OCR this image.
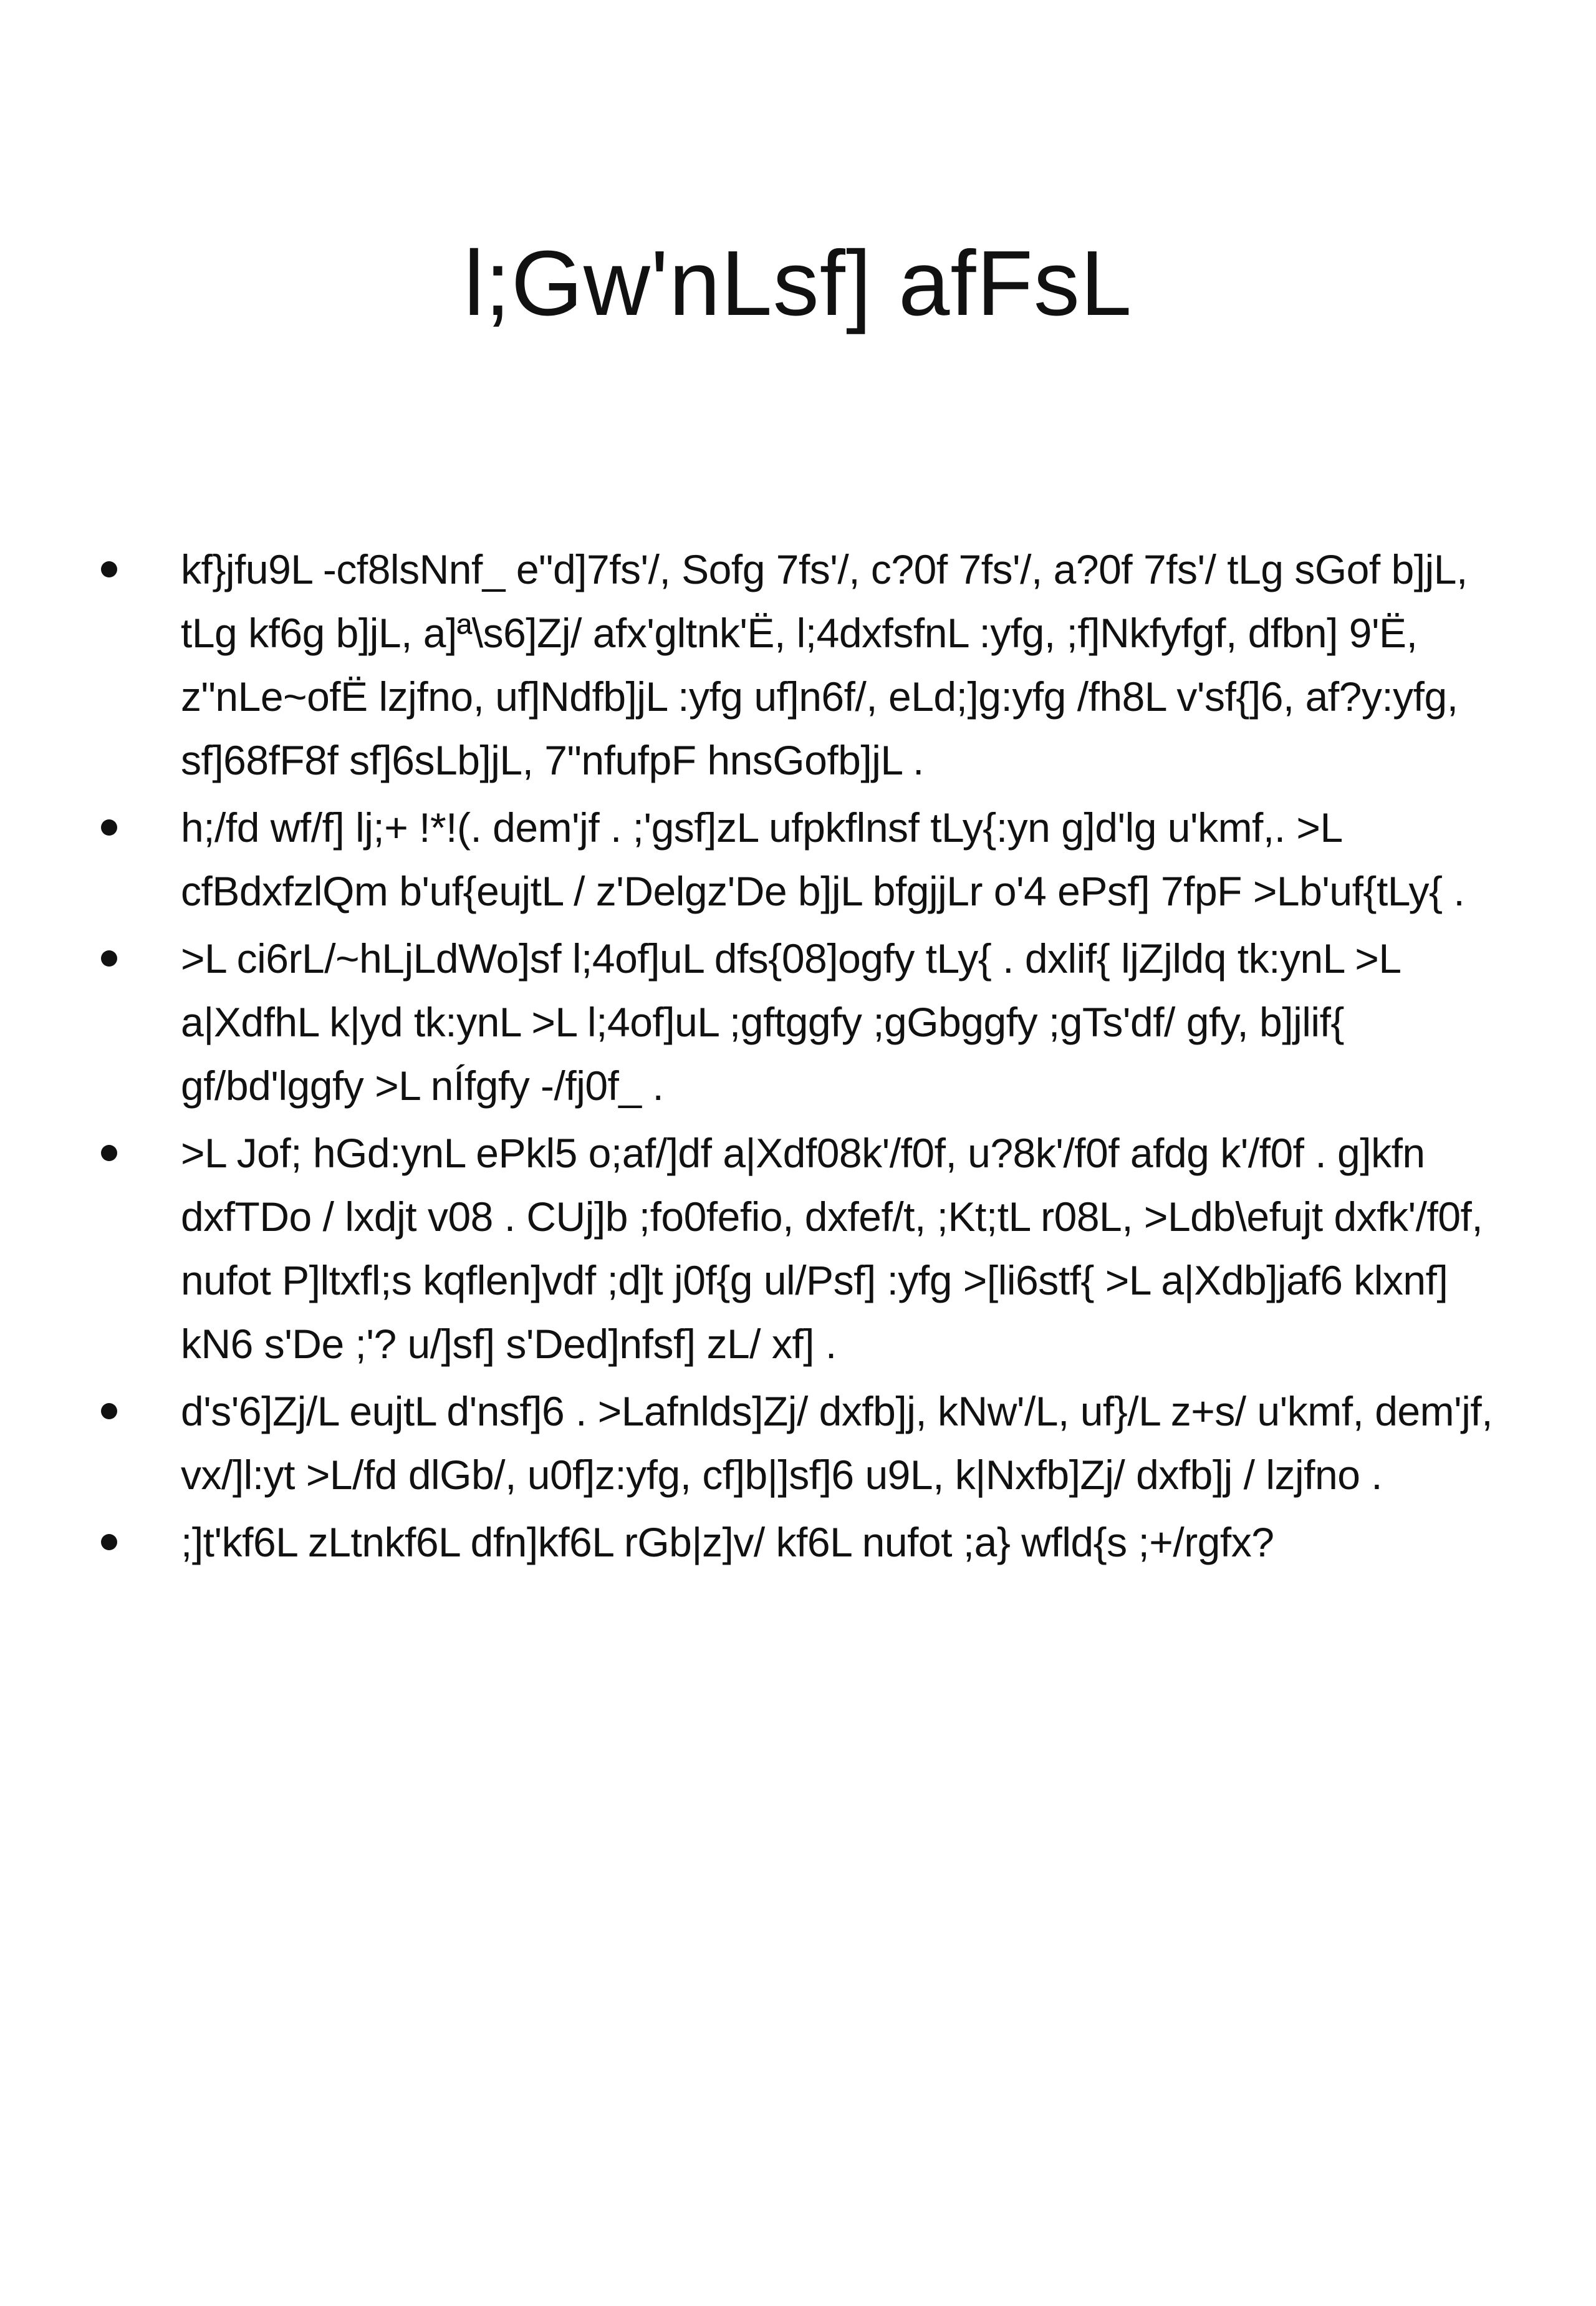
l;Gw'nLsf] afFsL
kf}jfu9L -cf8lsNnf_ e"d]7fs'/, Sofg 7fs'/, c?0f 7fs'/, a?0f 7fs'/ tLg sGof b]jL, tLg kf6g b]jL, a]ª\s6]Zj/ afx'gltnk'Ë, l;4dxfsfnL :yfg, ;f]Nkfyfgf, dfbn] 9'Ë, z"nLe~ofË lzjfno, uf]Ndfb]jL :yfg uf]n6f/, eLd;]g:yfg /fh8L v'sf{]6, af?y:yfg, sf]68fF8f sf]6sLb]jL, 7"nfufpF hnsGofb]jL .
h;/fd wf/f] lj;+ !*!(. dem'jf . ;'gsf]zL ufpkflnsf tLy{:yn g]d'lg u'kmf,. >L cfBdxfzlQm b'uf{eujtL / z'Delgz'De b]jL bfgjjLr o'4 ePsf] 7fpF >Lb'uf{tLy{ .
>L ci6rL/~hLjLdWo]sf l;4of]uL dfs{08]ogfy tLy{ . dxlif{ ljZjldq tk:ynL >L a|XdfhL k|yd tk:ynL >L l;4of]uL ;gftggfy ;gGbggfy ;gTs'df/ gfy, b]jlif{ gf/bd'lggfy >L nÍfgfy -/fj0f_ .
>L Jof; hGd:ynL ePkl5 o;af/]df a|Xdf08k'/f0f, u?8k'/f0f afdg k'/f0f . g]kfn dxfTDo / lxdjt v08 . CUj]b ;fo0fefio, dxfef/t, ;Kt;tL r08L, >Ldb\efujt dxfk'/f0f, nufot P]ltxfl;s kqflen]vdf ;d]t j0f{g ul/Psf] :yfg >[li6stf{ >L a|Xdb]jaf6 klxnf] kN6 s'De ;'? u/]sf] s'Ded]nfsf] zL/ xf] .
d's'6]Zj/L eujtL d'nsf]6 . >Lafnlds]Zj/ dxfb]j, kNw'/L, uf}/L z+s/ u'kmf, dem'jf, vx/]l:yt >L/fd dlGb/, u0f]z:yfg, cf]b|]sf]6 u9L, k|Nxfb]Zj/ dxfb]j / lzjfno .
;]t'kf6L zLtnkf6L dfn]kf6L rGb|z]v/ kf6L nufot ;a} wfld{s ;+/rgfx?
